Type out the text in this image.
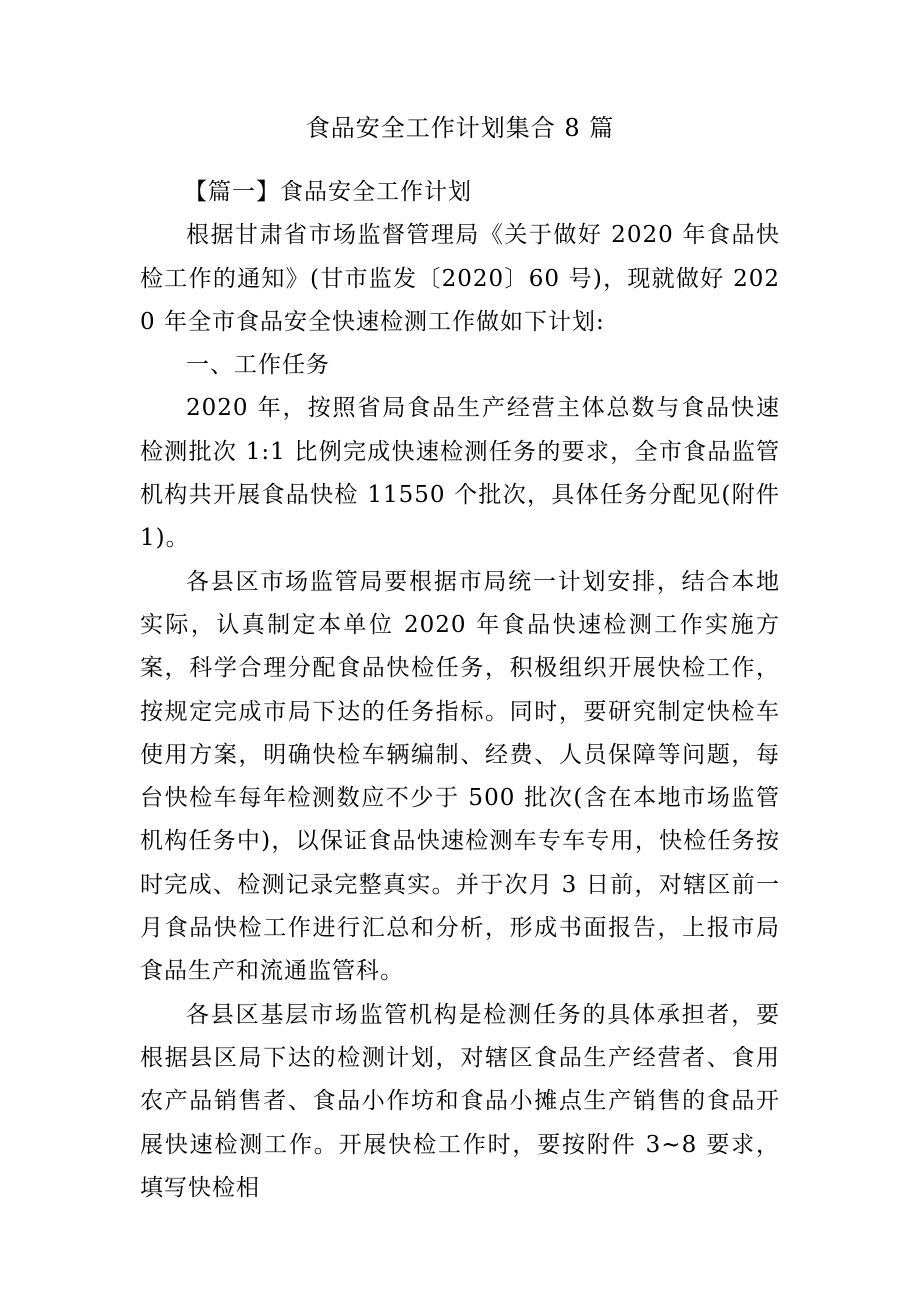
食品安全工作计划集合 8 篇

【篇一】食品安全工作计划

根据甘肃省市场监督管理局《关于做好 2020 年食品快检工作的通知》(甘市监发〔2020〕60 号)，现就做好 2020 年全市食品安全快速检测工作做如下计划:

一、工作任务

2020 年，按照省局食品生产经营主体总数与食品快速检测批次 1:1 比例完成快速检测任务的要求，全市食品监管机构共开展食品快检 11550 个批次，具体任务分配见(附件 1)。

各县区市场监管局要根据市局统一计划安排，结合本地实际，认真制定本单位 2020 年食品快速检测工作实施方案，科学合理分配食品快检任务，积极组织开展快检工作，按规定完成市局下达的任务指标。同时，要研究制定快检车使用方案，明确快检车辆编制、经费、人员保障等问题，每台快检车每年检测数应不少于 500 批次(含在本地市场监管机构任务中)，以保证食品快速检测车专车专用，快检任务按时完成、检测记录完整真实。并于次月 3 日前，对辖区前一月食品快检工作进行汇总和分析，形成书面报告，上报市局食品生产和流通监管科。

各县区基层市场监管机构是检测任务的具体承担者，要根据县区局下达的检测计划，对辖区食品生产经营者、食用农产品销售者、食品小作坊和食品小摊点生产销售的食品开展快速检测工作。开展快检工作时，要按附件 3~8 要求，填写快检相
